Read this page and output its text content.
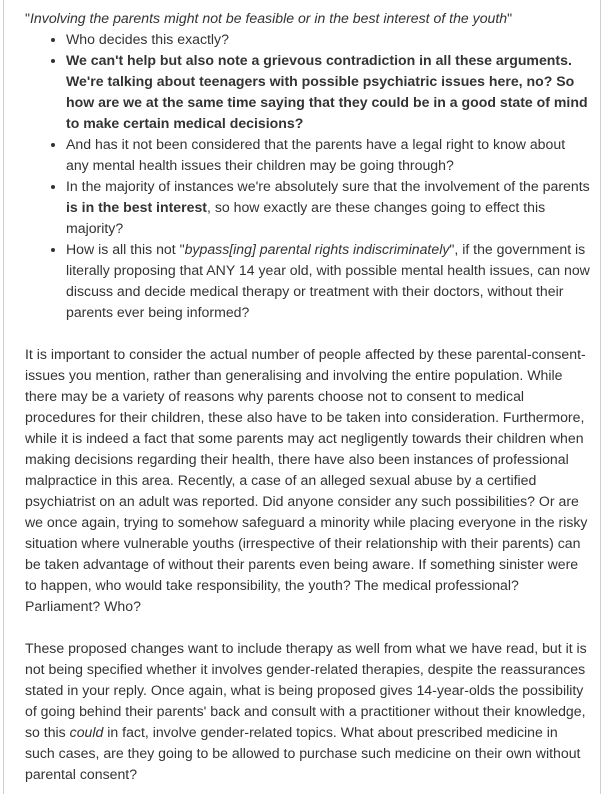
"Involving the parents might not be feasible or in the best interest of the youth"
• Who decides this exactly?
• We can't help but also note a grievous contradiction in all these arguments. We're talking about teenagers with possible psychiatric issues here, no? So how are we at the same time saying that they could be in a good state of mind to make certain medical decisions?
• And has it not been considered that the parents have a legal right to know about any mental health issues their children may be going through?
• In the majority of instances we're absolutely sure that the involvement of the parents is in the best interest, so how exactly are these changes going to effect this majority?
• How is all this not "bypass[ing] parental rights indiscriminately", if the government is literally proposing that ANY 14 year old, with possible mental health issues, can now discuss and decide medical therapy or treatment with their doctors, without their parents ever being informed?

It is important to consider the actual number of people affected by these parental-consent-issues you mention, rather than generalising and involving the entire population. While there may be a variety of reasons why parents choose not to consent to medical procedures for their children, these also have to be taken into consideration. Furthermore, while it is indeed a fact that some parents may act negligently towards their children when making decisions regarding their health, there have also been instances of professional malpractice in this area. Recently, a case of an alleged sexual abuse by a certified psychiatrist on an adult was reported. Did anyone consider any such possibilities? Or are we once again, trying to somehow safeguard a minority while placing everyone in the risky situation where vulnerable youths (irrespective of their relationship with their parents) can be taken advantage of without their parents even being aware. If something sinister were to happen, who would take responsibility, the youth? The medical professional? Parliament? Who?

These proposed changes want to include therapy as well from what we have read, but it is not being specified whether it involves gender-related therapies, despite the reassurances stated in your reply. Once again, what is being proposed gives 14-year-olds the possibility of going behind their parents' back and consult with a practitioner without their knowledge, so this could in fact, involve gender-related topics. What about prescribed medicine in such cases, are they going to be allowed to purchase such medicine on their own without parental consent?
